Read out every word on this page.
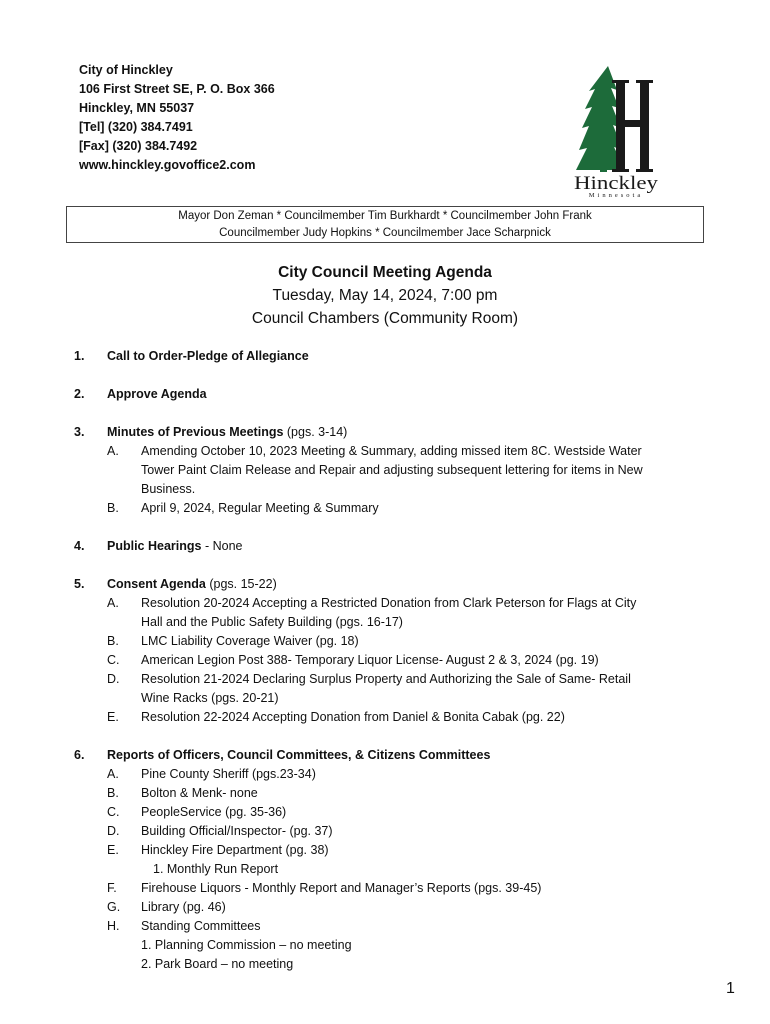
City of Hinckley
106 First Street SE, P. O. Box 366
Hinckley, MN 55037
[Tel] (320) 384.7491
[Fax] (320) 384.7492
www.hinckley.govoffice2.com
Hinckley
Minnesota
Mayor Don Zeman * Councilmember Tim Burkhardt * Councilmember John Frank
Councilmember Judy Hopkins * Councilmember Jace Scharpnick
City Council Meeting Agenda
Tuesday, May 14, 2024, 7:00 pm
Council Chambers (Community Room)
1. Call to Order-Pledge of Allegiance
2. Approve Agenda
3. Minutes of Previous Meetings (pgs. 3-14)
A. Amending October 10, 2023 Meeting & Summary, adding missed item 8C. Westside Water
Tower Paint Claim Release and Repair and adjusting subsequent lettering for items in New
Business.
B. April 9, 2024, Regular Meeting & Summary
4. Public Hearings - None
5. Consent Agenda (pgs. 15-22)
A. Resolution 20-2024 Accepting a Restricted Donation from Clark Peterson for Flags at City
Hall and the Public Safety Building (pgs. 16-17)
B. LMC Liability Coverage Waiver (pg. 18)
C. American Legion Post 388- Temporary Liquor License- August 2 & 3, 2024 (pg. 19)
D. Resolution 21-2024 Declaring Surplus Property and Authorizing the Sale of Same- Retail
Wine Racks (pgs. 20-21)
E. Resolution 22-2024 Accepting Donation from Daniel & Bonita Cabak (pg. 22)
6. Reports of Officers, Council Committees, & Citizens Committees
A. Pine County Sheriff (pgs.23-34)
B. Bolton & Menk- none
C. PeopleService (pg. 35-36)
D. Building Official/Inspector- (pg. 37)
E. Hinckley Fire Department (pg. 38)
1. Monthly Run Report
F. Firehouse Liquors - Monthly Report and Manager’s Reports (pgs. 39-45)
G. Library (pg. 46)
H. Standing Committees
1. Planning Commission – no meeting
2. Park Board – no meeting
1
